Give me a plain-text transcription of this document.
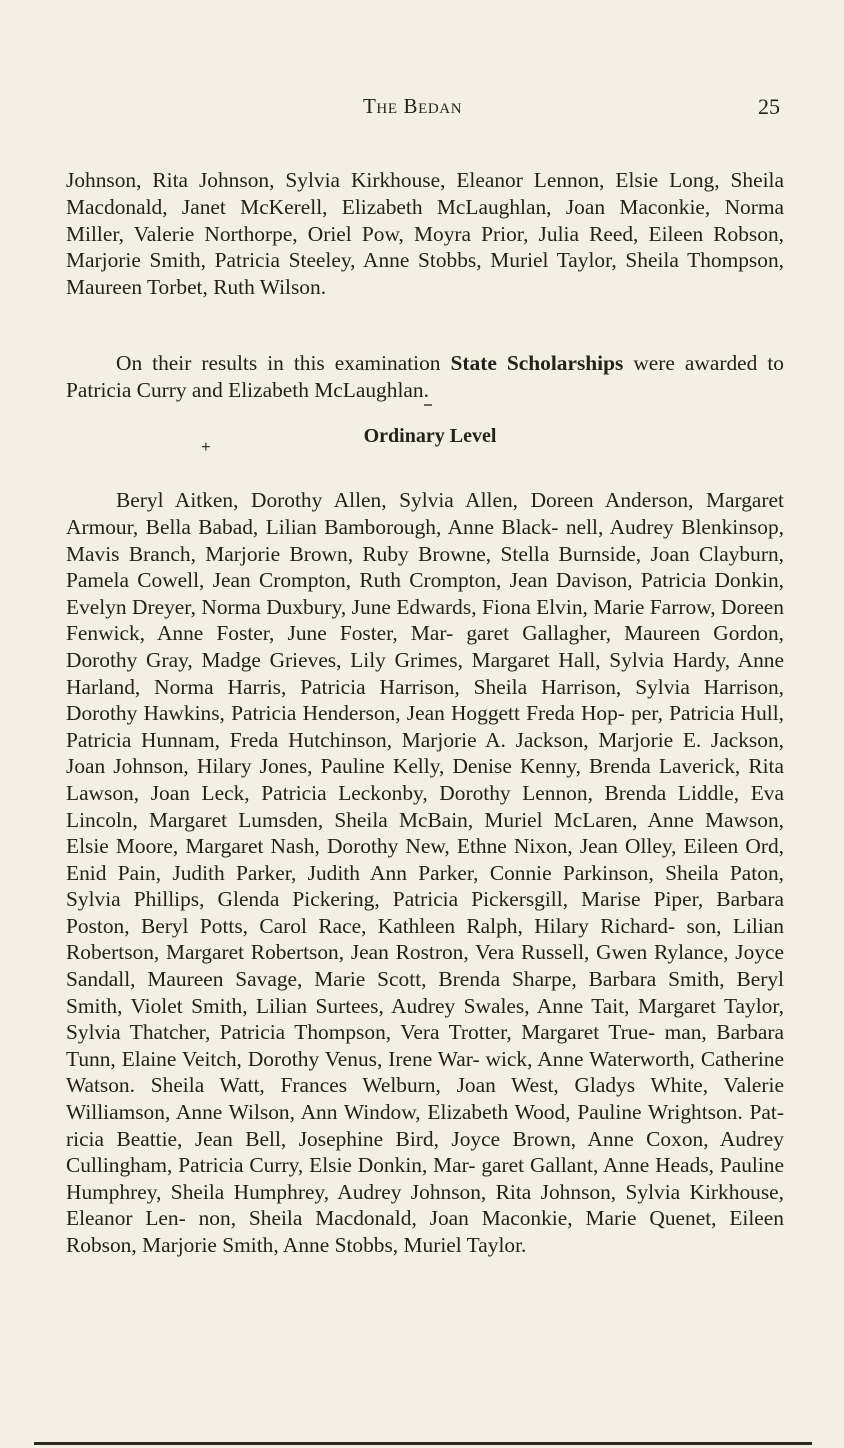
The Bedan	25

Johnson, Rita Johnson, Sylvia Kirkhouse, Eleanor Lennon, Elsie Long, Sheila Macdonald, Janet McKerell, Elizabeth McLaughlan, Joan Maconkie, Norma Miller, Valerie Northorpe, Oriel Pow, Moyra Prior, Julia Reed, Eileen Robson, Marjorie Smith, Patricia Steeley, Anne Stobbs, Muriel Taylor, Sheila Thompson, Maureen Torbet, Ruth Wilson.

On their results in this examination State Scholarships were awarded to Patricia Curry and Elizabeth McLaughlan.

Ordinary Level
+

Beryl Aitken, Dorothy Allen, Sylvia Allen, Doreen Anderson, Margaret Armour, Bella Babad, Lilian Bamborough, Anne Black- nell, Audrey Blenkinsop, Mavis Branch, Marjorie Brown, Ruby Browne, Stella Burnside, Joan Clayburn, Pamela Cowell, Jean Crompton, Ruth Crompton, Jean Davison, Patricia Donkin, Evelyn Dreyer, Norma Duxbury, June Edwards, Fiona Elvin, Marie Farrow, Doreen Fenwick, Anne Foster, June Foster, Mar- garet Gallagher, Maureen Gordon, Dorothy Gray, Madge Grieves, Lily Grimes, Margaret Hall, Sylvia Hardy, Anne Harland, Norma Harris, Patricia Harrison, Sheila Harrison, Sylvia Harrison, Dorothy Hawkins, Patricia Henderson, Jean Hoggett Freda Hop- per, Patricia Hull, Patricia Hunnam, Freda Hutchinson, Marjorie A. Jackson, Marjorie E. Jackson, Joan Johnson, Hilary Jones, Pauline Kelly, Denise Kenny, Brenda Laverick, Rita Lawson, Joan Leck, Patricia Leckonby, Dorothy Lennon, Brenda Liddle, Eva Lincoln, Margaret Lumsden, Sheila McBain, Muriel McLaren, Anne Mawson, Elsie Moore, Margaret Nash, Dorothy New, Ethne Nixon, Jean Olley, Eileen Ord, Enid Pain, Judith Parker, Judith Ann Parker, Connie Parkinson, Sheila Paton, Sylvia Phillips, Glenda Pickering, Patricia Pickersgill, Marise Piper, Barbara Poston, Beryl Potts, Carol Race, Kathleen Ralph, Hilary Richard- son, Lilian Robertson, Margaret Robertson, Jean Rostron, Vera Russell, Gwen Rylance, Joyce Sandall, Maureen Savage, Marie Scott, Brenda Sharpe, Barbara Smith, Beryl Smith, Violet Smith, Lilian Surtees, Audrey Swales, Anne Tait, Margaret Taylor, Sylvia Thatcher, Patricia Thompson, Vera Trotter, Margaret True- man, Barbara Tunn, Elaine Veitch, Dorothy Venus, Irene War- wick, Anne Waterworth, Catherine Watson. Sheila Watt, Frances Welburn, Joan West, Gladys White, Valerie Williamson, Anne Wilson, Ann Window, Elizabeth Wood, Pauline Wrightson. Pat- ricia Beattie, Jean Bell, Josephine Bird, Joyce Brown, Anne Coxon, Audrey Cullingham, Patricia Curry, Elsie Donkin, Mar- garet Gallant, Anne Heads, Pauline Humphrey, Sheila Humphrey, Audrey Johnson, Rita Johnson, Sylvia Kirkhouse, Eleanor Len- non, Sheila Macdonald, Joan Maconkie, Marie Quenet, Eileen Robson, Marjorie Smith, Anne Stobbs, Muriel Taylor.
